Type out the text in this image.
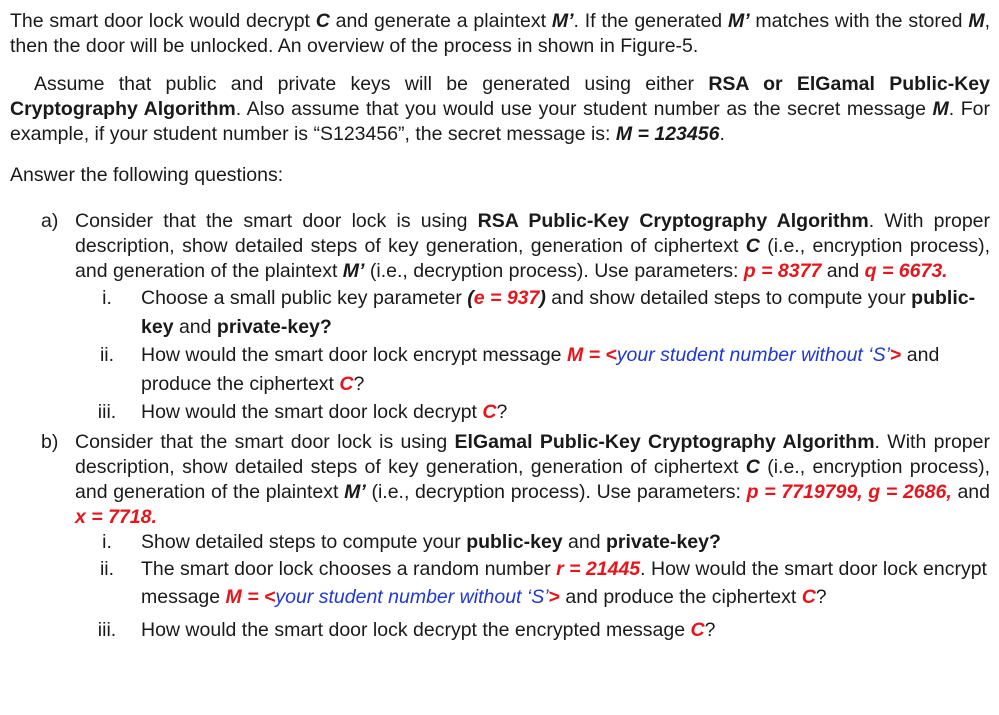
The smart door lock would decrypt C and generate a plaintext M’. If the generated M’ matches with the stored M, then the door will be unlocked. An overview of the process in shown in Figure-5.

Assume that public and private keys will be generated using either RSA or ElGamal Public-Key Cryptography Algorithm. Also assume that you would use your student number as the secret message M. For example, if your student number is “S123456”, the secret message is: M = 123456.

Answer the following questions:

a) Consider that the smart door lock is using RSA Public-Key Cryptography Algorithm. With proper description, show detailed steps of key generation, generation of ciphertext C (i.e., encryption process), and generation of the plaintext M’ (i.e., decryption process). Use parameters: p = 8377 and q = 6673.

i.	Choose a small public key parameter (e = 937) and show detailed steps to compute your public-key and private-key?

ii.	How would the smart door lock encrypt message M = <your student number without ‘S’> and produce the ciphertext C?

iii. How would the smart door lock decrypt C?

b) Consider that the smart door lock is using ElGamal Public-Key Cryptography Algorithm. With proper description, show detailed steps of key generation, generation of ciphertext C (i.e., encryption process), and generation of the plaintext M’ (i.e., decryption process). Use parameters: p = 7719799, g = 2686, and x = 7718.

i.	Show detailed steps to compute your public-key and private-key?

ii.	The smart door lock chooses a random number r = 21445. How would the smart door lock encrypt message M = <your student number without ‘S’> and produce the ciphertext C?

iii. How would the smart door lock decrypt the encrypted message C?
